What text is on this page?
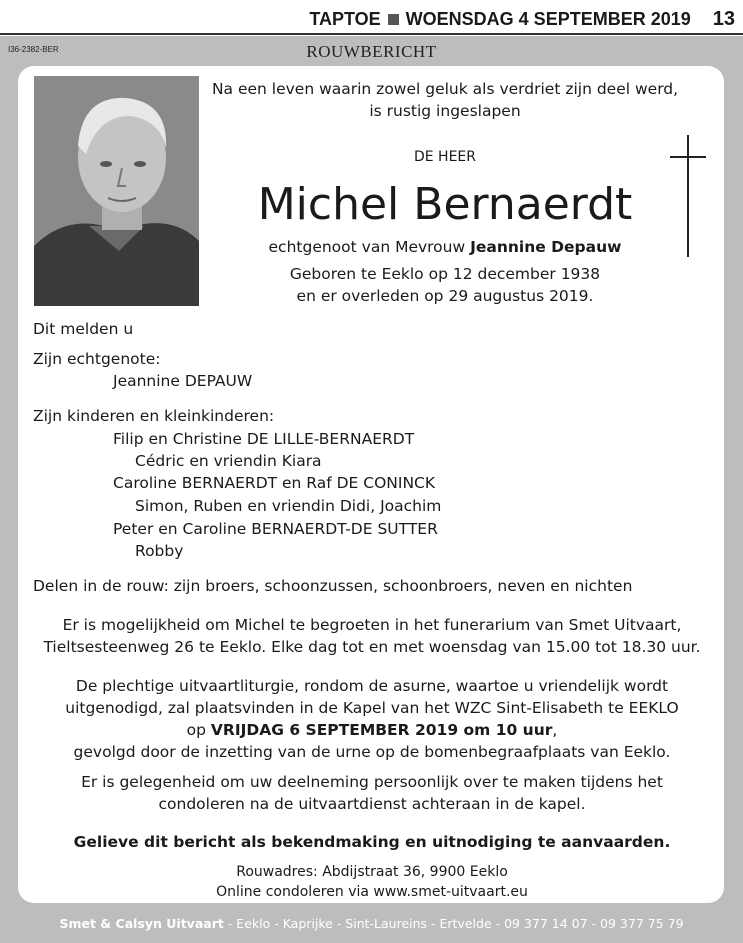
TAPTOE WOENSDAG 4 SEPTEMBER 2019 13
I36-2382-BER	ROUWBERICHT
Na een leven waarin zowel geluk als verdriet zijn deel werd,
is rustig ingeslapen
DE HEER
Michel Bernaerdt
echtgenoot van Mevrouw Jeannine Depauw
Geboren te Eeklo op 12 december 1938
en er overleden op 29 augustus 2019.
Dit melden u
Zijn echtgenote:
Jeannine DEPAUW
Zijn kinderen en kleinkinderen:
Filip en Christine DE LILLE-BERNAERDT
Cédric en vriendin Kiara
Caroline BERNAERDT en Raf DE CONINCK
Simon, Ruben en vriendin Didi, Joachim
Peter en Caroline BERNAERDT-DE SUTTER
Robby
Delen in de rouw: zijn broers, schoonzussen, schoonbroers, neven en nichten
Er is mogelijkheid om Michel te begroeten in het funerarium van Smet Uitvaart,
Tieltsesteenweg 26 te Eeklo. Elke dag tot en met woensdag van 15.00 tot 18.30 uur.
De plechtige uitvaartliturgie, rondom de asurne, waartoe u vriendelijk wordt
uitgenodigd, zal plaatsvinden in de Kapel van het WZC Sint-Elisabeth te EEKLO
op VRIJDAG 6 SEPTEMBER 2019 om 10 uur,
gevolgd door de inzetting van de urne op de bomenbegraafplaats van Eeklo.
Er is gelegenheid om uw deelneming persoonlijk over te maken tijdens het
condoleren na de uitvaartdienst achteraan in de kapel.
Gelieve dit bericht als bekendmaking en uitnodiging te aanvaarden.
Rouwadres: Abdijstraat 36, 9900 Eeklo
Online condoleren via www.smet-uitvaart.eu
Smet & Calsyn Uitvaart - Eeklo - Kaprijke - Sint-Laureins - Ertvelde - 09 377 14 07 - 09 377 75 79
